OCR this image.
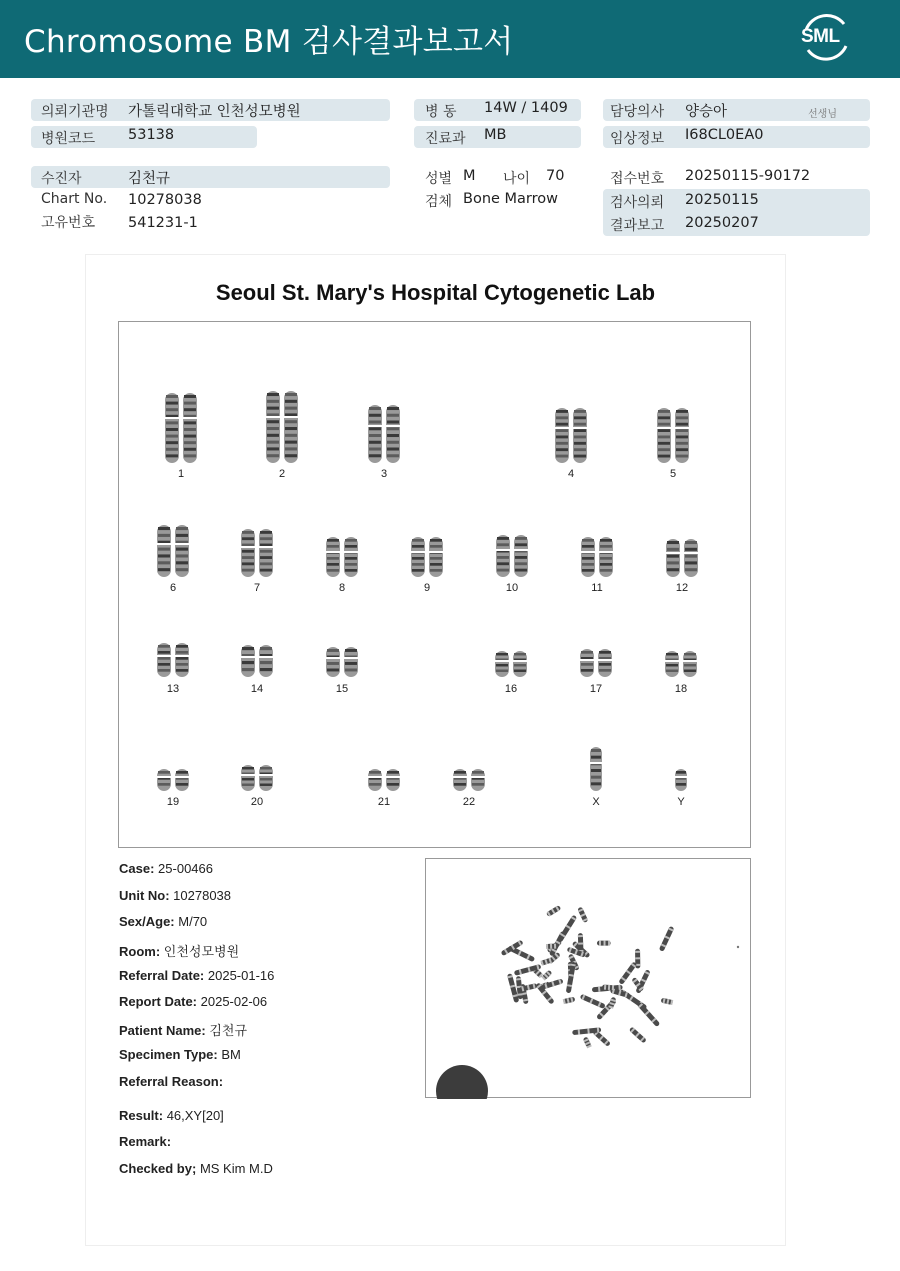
Chromosome BM 검사결과보고서	SML
의뢰기관명 가톨릭대학교 인천성모병원
병원코드 53138
병 동 14W / 1409
진료과 MB
담당의사 양승아	선생님
임상정보 I68CL0EA0
수진자	김천규
Chart No. 10278038
고유번호 541231-1
성별 M 나이 70
검체 Bone Marrow
접수번호 20250115-90172
검사의뢰 20250115
결과보고 20250207
Seoul St. Mary's Hospital Cytogenetic Lab
1	2	3	4	5
6	7	8	9	10	11	12
13	14	15	16	17	18
19	20	21	22	X	Y
Case: 25-00466
Unit No: 10278038
Sex/Age: M/70
Room: 인천성모병원
Referral Date: 2025-01-16
Report Date: 2025-02-06
Patient Name: 김천규
Specimen Type: BM
Referral Reason:
Result: 46,XY[20]
Remark:
Checked by; MS Kim M.D
